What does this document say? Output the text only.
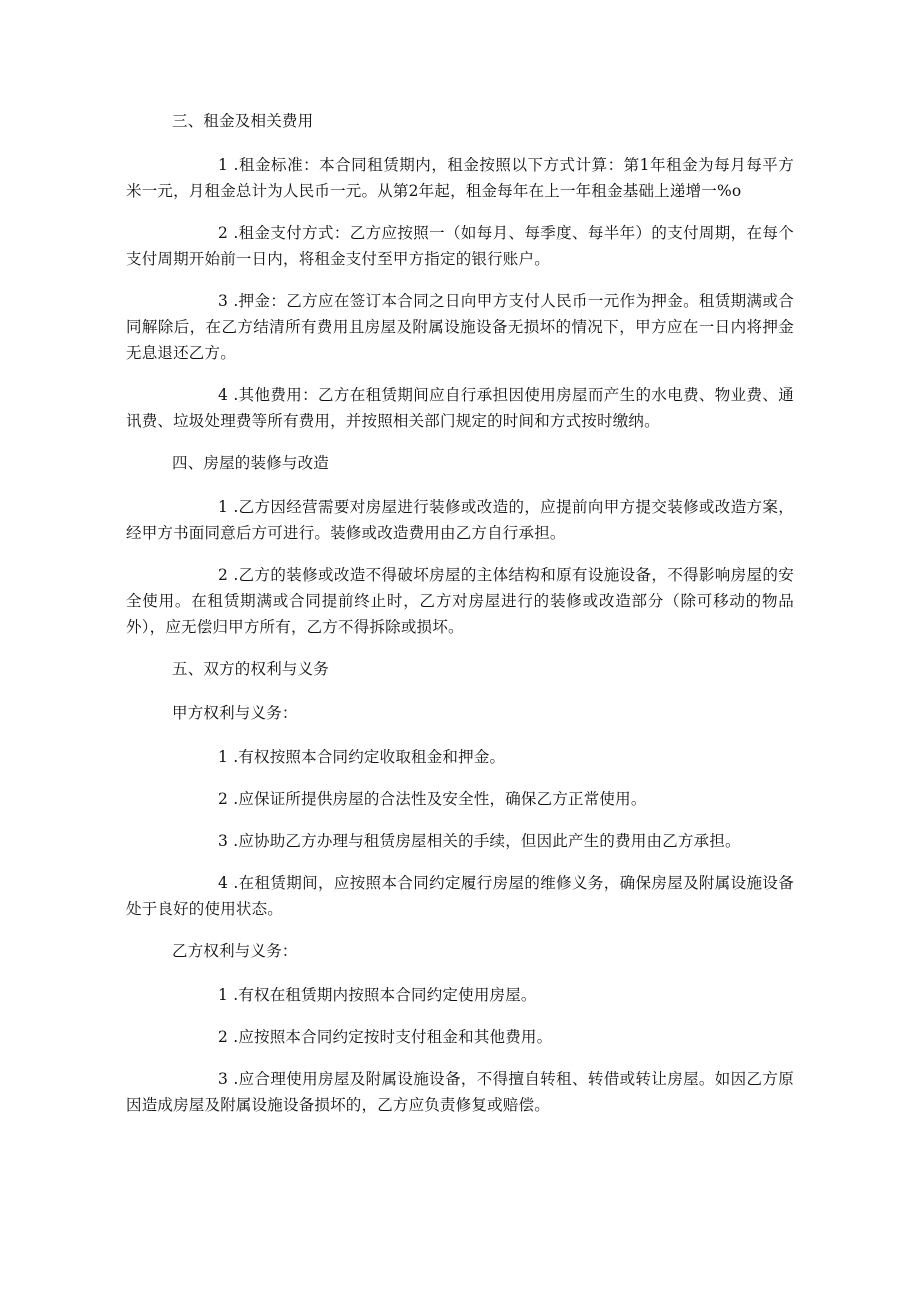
三、租金及相关费用

1 .租金标准：本合同租赁期内，租金按照以下方式计算：第1年租金为每月每平方米一元，月租金总计为人民币一元。从第2年起，租金每年在上一年租金基础上递增一%o

2 .租金支付方式：乙方应按照一（如每月、每季度、每半年）的支付周期，在每个支付周期开始前一日内，将租金支付至甲方指定的银行账户。

3 .押金：乙方应在签订本合同之日向甲方支付人民币一元作为押金。租赁期满或合同解除后，在乙方结清所有费用且房屋及附属设施设备无损坏的情况下，甲方应在一日内将押金无息退还乙方。

4 .其他费用：乙方在租赁期间应自行承担因使用房屋而产生的水电费、物业费、通讯费、垃圾处理费等所有费用，并按照相关部门规定的时间和方式按时缴纳。

四、房屋的装修与改造

1 .乙方因经营需要对房屋进行装修或改造的，应提前向甲方提交装修或改造方案，经甲方书面同意后方可进行。装修或改造费用由乙方自行承担。

2 .乙方的装修或改造不得破坏房屋的主体结构和原有设施设备，不得影响房屋的安全使用。在租赁期满或合同提前终止时，乙方对房屋进行的装修或改造部分（除可移动的物品外），应无偿归甲方所有，乙方不得拆除或损坏。

五、双方的权利与义务

甲方权利与义务：

1 .有权按照本合同约定收取租金和押金。

2 .应保证所提供房屋的合法性及安全性，确保乙方正常使用。

3 .应协助乙方办理与租赁房屋相关的手续，但因此产生的费用由乙方承担。

4 .在租赁期间，应按照本合同约定履行房屋的维修义务，确保房屋及附属设施设备处于良好的使用状态。

乙方权利与义务：

1 .有权在租赁期内按照本合同约定使用房屋。

2 .应按照本合同约定按时支付租金和其他费用。

3 .应合理使用房屋及附属设施设备，不得擅自转租、转借或转让房屋。如因乙方原因造成房屋及附属设施设备损坏的，乙方应负责修复或赔偿。
